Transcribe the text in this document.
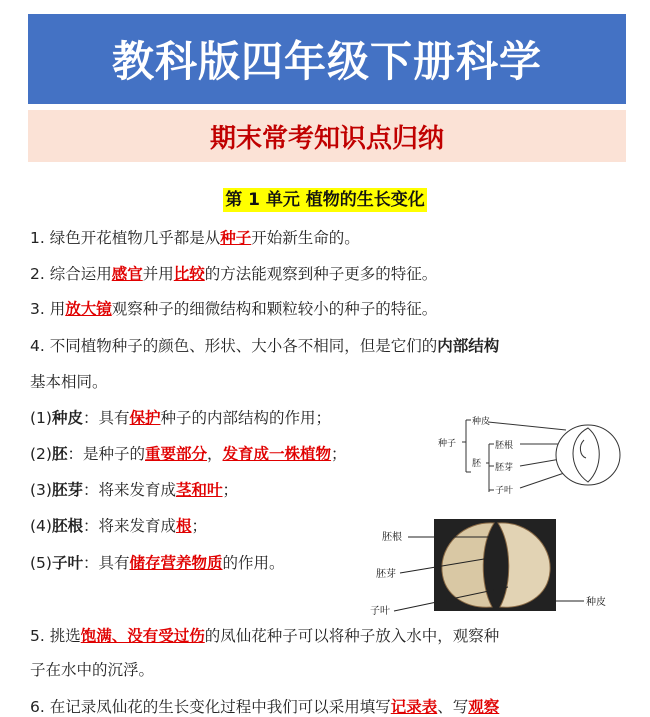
教科版四年级下册科学
期末常考知识点归纳
第 1 单元 植物的生长变化
1. 绿色开花植物几乎都是从种子开始新生命的。
2. 综合运用感官并用比较的方法能观察到种子更多的特征。
3. 用放大镜观察种子的细微结构和颗粒较小的种子的特征。
4. 不同植物种子的颜色、形状、大小各不相同，但是它们的内部结构
基本相同。
(1)种皮：具有保护种子的内部结构的作用；
(2)胚：是种子的重要部分，发育成一株植物；
(3)胚芽：将来发育成茎和叶；
(4)胚根：将来发育成根；
(5)子叶：具有储存营养物质的作用。
5. 挑选饱满、没有受过伤的凤仙花种子可以将种子放入水中，观察种
子在水中的沉浮。
6. 在记录凤仙花的生长变化过程中我们可以采用填写记录表、写观察
种子
种皮
胚
胚根
胚芽
子叶
胚根
胚芽
子叶
种皮
